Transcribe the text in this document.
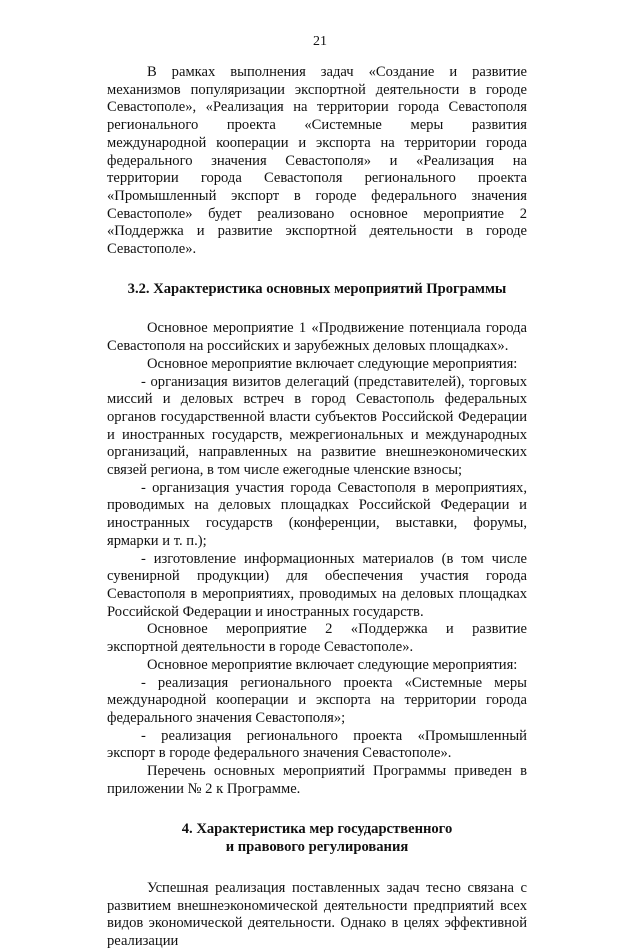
21

В рамках выполнения задач «Создание и развитие механизмов популяризации экспортной деятельности в городе Севастополе», «Реализация на территории города Севастополя регионального проекта «Системные меры развития международной кооперации и экспорта на территории города федерального значения Севастополя» и «Реализация на территории города Севастополя регионального проекта «Промышленный экспорт в городе федерального значения Севастополе» будет реализовано основное мероприятие 2 «Поддержка и развитие экспортной деятельности в городе Севастополе».

3.2. Характеристика основных мероприятий Программы

Основное мероприятие 1 «Продвижение потенциала города Севастополя на российских и зарубежных деловых площадках».

Основное мероприятие включает следующие мероприятия:

- организация визитов делегаций (представителей), торговых миссий и деловых встреч в город Севастополь федеральных органов государственной власти субъектов Российской Федерации и иностранных государств, межрегиональных и международных организаций, направленных на развитие внешнеэкономических связей региона, в том числе ежегодные членские взносы;

- организация участия города Севастополя в мероприятиях, проводимых на деловых площадках Российской Федерации и иностранных государств (конференции, выставки, форумы, ярмарки и т. п.);

- изготовление информационных материалов (в том числе сувенирной продукции) для обеспечения участия города Севастополя в мероприятиях, проводимых на деловых площадках Российской Федерации и иностранных государств.

Основное мероприятие 2 «Поддержка и развитие экспортной деятельности в городе Севастополе».

Основное мероприятие включает следующие мероприятия:

- реализация регионального проекта «Системные меры международной кооперации и экспорта на территории города федерального значения Севастополя»;

- реализация регионального проекта «Промышленный экспорт в городе федерального значения Севастополе».

Перечень основных мероприятий Программы приведен в приложении № 2 к Программе.

4. Характеристика мер государственного
и правового регулирования

Успешная реализация поставленных задач тесно связана с развитием внешнеэкономической деятельности предприятий всех видов экономической деятельности. Однако в целях эффективной реализации
